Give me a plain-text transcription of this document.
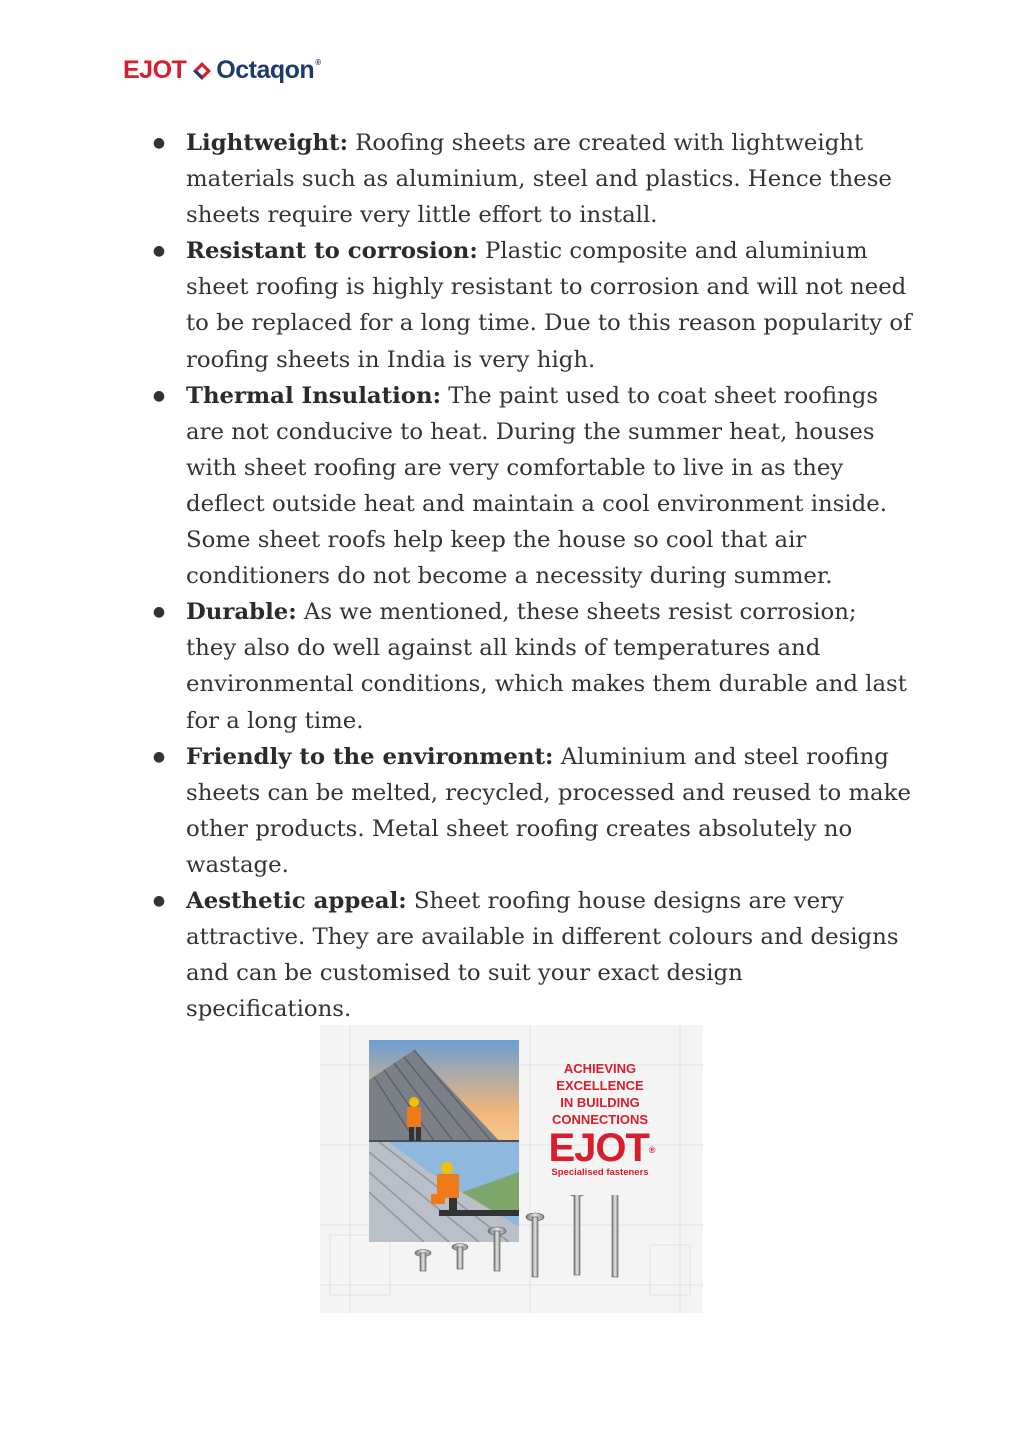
EJOT Octaqon ®
● Lightweight: Roofing sheets are created with lightweight materials such as aluminium, steel and plastics. Hence these sheets require very little effort to install.
● Resistant to corrosion: Plastic composite and aluminium sheet roofing is highly resistant to corrosion and will not need to be replaced for a long time. Due to this reason popularity of roofing sheets in India is very high.
● Thermal Insulation: The paint used to coat sheet roofings are not conducive to heat. During the summer heat, houses with sheet roofing are very comfortable to live in as they deflect outside heat and maintain a cool environment inside. Some sheet roofs help keep the house so cool that air conditioners do not become a necessity during summer.
● Durable: As we mentioned, these sheets resist corrosion; they also do well against all kinds of temperatures and environmental conditions, which makes them durable and last for a long time.
● Friendly to the environment: Aluminium and steel roofing sheets can be melted, recycled, processed and reused to make other products. Metal sheet roofing creates absolutely no wastage.
● Aesthetic appeal: Sheet roofing house designs are very attractive. They are available in different colours and designs and can be customised to suit your exact design specifications.
ACHIEVING
EXCELLENCE
IN BUILDING
CONNECTIONS
EJOT®
Specialised fasteners
